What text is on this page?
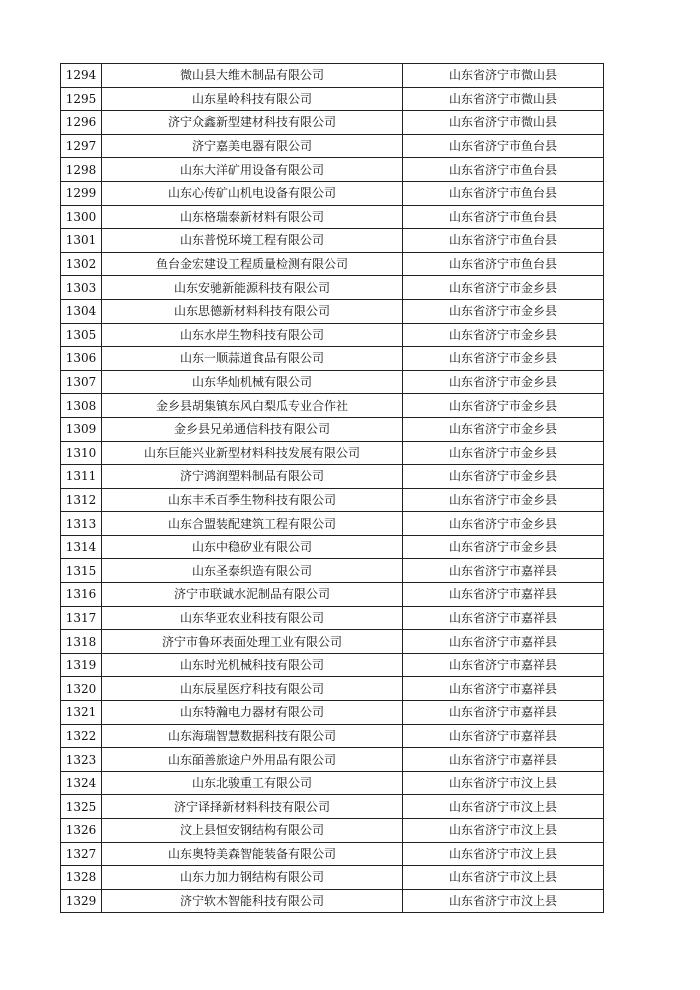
1294	微山县大维木制品有限公司	山东省济宁市微山县
1295	山东星岭科技有限公司	山东省济宁市微山县
1296	济宁众鑫新型建材科技有限公司	山东省济宁市微山县
1297	济宁嘉美电器有限公司	山东省济宁市鱼台县
1298	山东大洋矿用设备有限公司	山东省济宁市鱼台县
1299	山东心传矿山机电设备有限公司	山东省济宁市鱼台县
1300	山东格瑞泰新材料有限公司	山东省济宁市鱼台县
1301	山东普悦环境工程有限公司	山东省济宁市鱼台县
1302	鱼台金宏建设工程质量检测有限公司	山东省济宁市鱼台县
1303	山东安驰新能源科技有限公司	山东省济宁市金乡县
1304	山东思德新材料科技有限公司	山东省济宁市金乡县
1305	山东水岸生物科技有限公司	山东省济宁市金乡县
1306	山东一顺蒜道食品有限公司	山东省济宁市金乡县
1307	山东华灿机械有限公司	山东省济宁市金乡县
1308	金乡县胡集镇东风白梨瓜专业合作社	山东省济宁市金乡县
1309	金乡县兄弟通信科技有限公司	山东省济宁市金乡县
1310	山东巨能兴业新型材料科技发展有限公司	山东省济宁市金乡县
1311	济宁鸿润塑料制品有限公司	山东省济宁市金乡县
1312	山东丰禾百季生物科技有限公司	山东省济宁市金乡县
1313	山东合盟装配建筑工程有限公司	山东省济宁市金乡县
1314	山东中稳矽业有限公司	山东省济宁市金乡县
1315	山东圣泰织造有限公司	山东省济宁市嘉祥县
1316	济宁市联诚水泥制品有限公司	山东省济宁市嘉祥县
1317	山东华亚农业科技有限公司	山东省济宁市嘉祥县
1318	济宁市鲁环表面处理工业有限公司	山东省济宁市嘉祥县
1319	山东时光机械科技有限公司	山东省济宁市嘉祥县
1320	山东辰星医疗科技有限公司	山东省济宁市嘉祥县
1321	山东特瀚电力器材有限公司	山东省济宁市嘉祥县
1322	山东海瑞智慧数据科技有限公司	山东省济宁市嘉祥县
1323	山东皕善旅途户外用品有限公司	山东省济宁市嘉祥县
1324	山东北骏重工有限公司	山东省济宁市汶上县
1325	济宁译择新材料科技有限公司	山东省济宁市汶上县
1326	汶上县恒安钢结构有限公司	山东省济宁市汶上县
1327	山东奥特美森智能装备有限公司	山东省济宁市汶上县
1328	山东力加力钢结构有限公司	山东省济宁市汶上县
1329	济宁软木智能科技有限公司	山东省济宁市汶上县
